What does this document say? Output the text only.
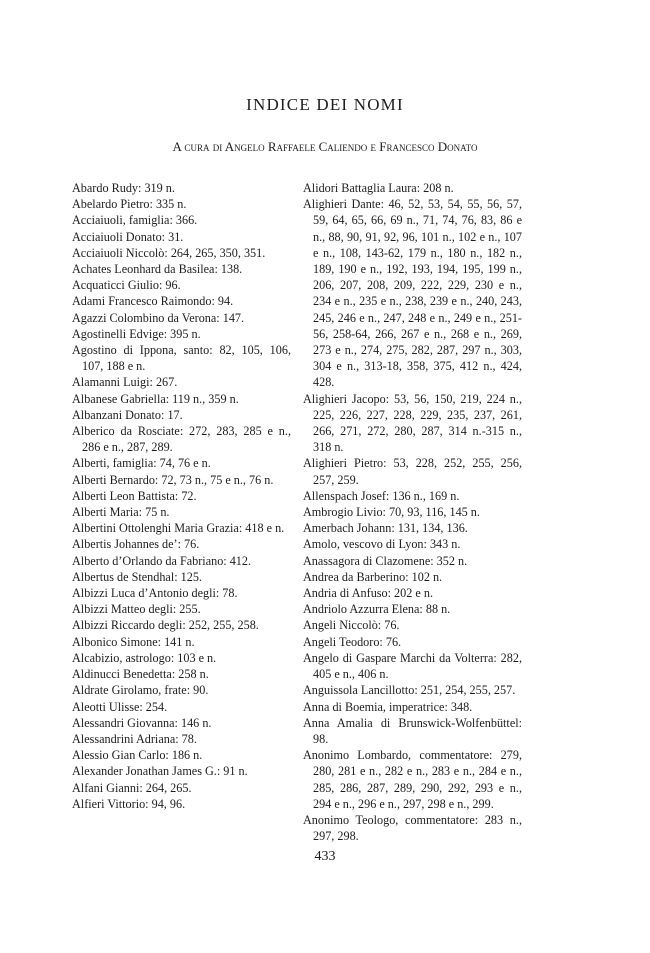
INDICE DEI NOMI
A cura di Angelo Raffaele Caliendo e Francesco Donato
Abardo Rudy: 319 n.
Abelardo Pietro: 335 n.
Acciaiuoli, famiglia: 366.
Acciaiuoli Donato: 31.
Acciaiuoli Niccolò: 264, 265, 350, 351.
Achates Leonhard da Basilea: 138.
Acquaticci Giulio: 96.
Adami Francesco Raimondo: 94.
Agazzi Colombino da Verona: 147.
Agostinelli Edvige: 395 n.
Agostino di Ippona, santo: 82, 105, 106, 107, 188 e n.
Alamanni Luigi: 267.
Albanese Gabriella: 119 n., 359 n.
Albanzani Donato: 17.
Alberico da Rosciate: 272, 283, 285 e n., 286 e n., 287, 289.
Alberti, famiglia: 74, 76 e n.
Alberti Bernardo: 72, 73 n., 75 e n., 76 n.
Alberti Leon Battista: 72.
Alberti Maria: 75 n.
Albertini Ottolenghi Maria Grazia: 418 e n.
Albertis Johannes de’: 76.
Alberto d’Orlando da Fabriano: 412.
Albertus de Stendhal: 125.
Albizzi Luca d’Antonio degli: 78.
Albizzi Matteo degli: 255.
Albizzi Riccardo degli: 252, 255, 258.
Albonico Simone: 141 n.
Alcabizio, astrologo: 103 e n.
Aldinucci Benedetta: 258 n.
Aldrate Girolamo, frate: 90.
Aleotti Ulisse: 254.
Alessandri Giovanna: 146 n.
Alessandrini Adriana: 78.
Alessio Gian Carlo: 186 n.
Alexander Jonathan James G.: 91 n.
Alfani Gianni: 264, 265.
Alfieri Vittorio: 94, 96.
Alidori Battaglia Laura: 208 n.
Alighieri Dante: 46, 52, 53, 54, 55, 56, 57, 59, 64, 65, 66, 69 n., 71, 74, 76, 83, 86 e n., 88, 90, 91, 92, 96, 101 n., 102 e n., 107 e n., 108, 143-62, 179 n., 180 n., 182 n., 189, 190 e n., 192, 193, 194, 195, 199 n., 206, 207, 208, 209, 222, 229, 230 e n., 234 e n., 235 e n., 238, 239 e n., 240, 243, 245, 246 e n., 247, 248 e n., 249 e n., 251-56, 258-64, 266, 267 e n., 268 e n., 269, 273 e n., 274, 275, 282, 287, 297 n., 303, 304 e n., 313-18, 358, 375, 412 n., 424, 428.
Alighieri Jacopo: 53, 56, 150, 219, 224 n., 225, 226, 227, 228, 229, 235, 237, 261, 266, 271, 272, 280, 287, 314 n.-315 n., 318 n.
Alighieri Pietro: 53, 228, 252, 255, 256, 257, 259.
Allenspach Josef: 136 n., 169 n.
Ambrogio Livio: 70, 93, 116, 145 n.
Amerbach Johann: 131, 134, 136.
Amolo, vescovo di Lyon: 343 n.
Anassagora di Clazomene: 352 n.
Andrea da Barberino: 102 n.
Andria di Anfuso: 202 e n.
Andriolo Azzurra Elena: 88 n.
Angeli Niccolò: 76.
Angeli Teodoro: 76.
Angelo di Gaspare Marchi da Volterra: 282, 405 e n., 406 n.
Anguissola Lancillotto: 251, 254, 255, 257.
Anna di Boemia, imperatrice: 348.
Anna Amalia di Brunswick-Wolfenbüttel: 98.
Anonimo Lombardo, commentatore: 279, 280, 281 e n., 282 e n., 283 e n., 284 e n., 285, 286, 287, 289, 290, 292, 293 e n., 294 e n., 296 e n., 297, 298 e n., 299.
Anonimo Teologo, commentatore: 283 n., 297, 298.
433
